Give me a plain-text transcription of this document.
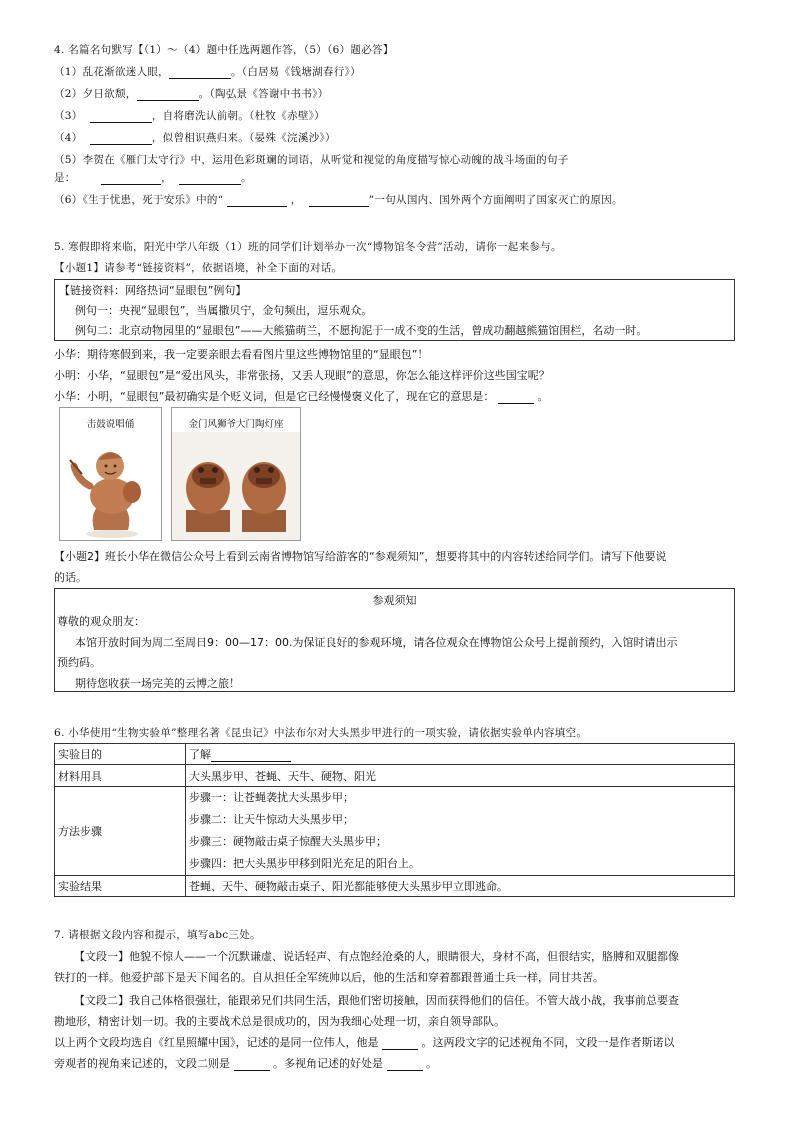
4. 名篇名句默写【（1）～（4）题中任选两题作答，（5）（6）题必答】
（1）乱花渐欲迷人眼，	。（白居易《钱塘湖春行》）
（2）夕日欲颓，	。（陶弘景《答谢中书书》）
（3）	，自将磨洗认前朝。（杜牧《赤壁》）
（4）	，似曾相识燕归来。（晏殊《浣溪沙》）
（5）李贺在《雁门太守行》中，运用色彩斑斓的词语，从听觉和视觉的角度描写惊心动魄的战斗场面的句子
是：	，	。
（6）《生于忧患，死于安乐》中的“	，	”一句从国内、国外两个方面阐明了国家灭亡的原因。
5. 寒假即将来临，阳光中学八年级（1）班的同学们计划举办一次“博物馆冬令营”活动，请你一起来参与。
【小题1】请参考“链接资料”，依据语境，补全下面的对话。
【链接资料：网络热词“显眼包”例句】
例句一：央视“显眼包”，当属撒贝宁，金句频出，逗乐观众。
例句二：北京动物园里的“显眼包”——大熊猫萌兰，不愿拘泥于一成不变的生活，曾成功翻越熊猫馆围栏，名动一时。
小华：期待寒假到来，我一定要亲眼去看看图片里这些博物馆里的“显眼包”！
小明：小华，“显眼包”是“爱出风头，非常张扬，又丢人现眼”的意思，你怎么能这样评价这些国宝呢？
小华：小明，“显眼包”最初确实是个贬义词，但是它已经慢慢褒义化了，现在它的意思是：	。
击鼓说唱俑	金门风狮爷大门陶灯座
【小题2】班长小华在微信公众号上看到云南省博物馆写给游客的“参观须知”，想要将其中的内容转述给同学们。请写下他要说
的话。
参观须知
尊敬的观众朋友：
本馆开放时间为周二至周日9：00—17：00.为保证良好的参观环境，请各位观众在博物馆公众号上提前预约，入馆时请出示
预约码。
期待您收获一场完美的云博之旅！
6. 小华使用“生物实验单”整理名著《昆虫记》中法布尔对大头黑步甲进行的一项实验，请依据实验单内容填空。
实验目的	了解
材料用具	大头黑步甲、苍蝇、天牛、硬物、阳光
方法步骤	步骤一：让苍蝇袭扰大头黑步甲；
步骤二：让天牛惊动大头黑步甲；
步骤三：硬物敲击桌子惊醒大头黑步甲；
步骤四：把大头黑步甲移到阳光充足的阳台上。

实验结果	苍蝇、天牛、硬物敲击桌子、阳光都能够使大头黑步甲立即逃命。
7. 请根据文段内容和提示，填写abc三处。
【文段一】他貌不惊人——一个沉默谦虚、说话轻声、有点饱经沧桑的人，眼睛很大，身材不高，但很结实，胳膊和双腿都像
铁打的一样。他爱护部下是天下闻名的。自从担任全军统帅以后，他的生活和穿着都跟普通士兵一样，同甘共苦。
【文段二】我自己体格很强壮，能跟弟兄们共同生活，跟他们密切接触，因而获得他们的信任。不管大战小战，我事前总要查
勘地形，精密计划一切。我的主要战术总是很成功的，因为我细心处理一切，亲自领导部队。
以上两个文段均选自《红星照耀中国》，记述的是同一位伟人，他是	。这两段文字的记述视角不同，文段一是作者斯诺以
旁观者的视角来记述的，文段二则是	。多视角记述的好处是	。
